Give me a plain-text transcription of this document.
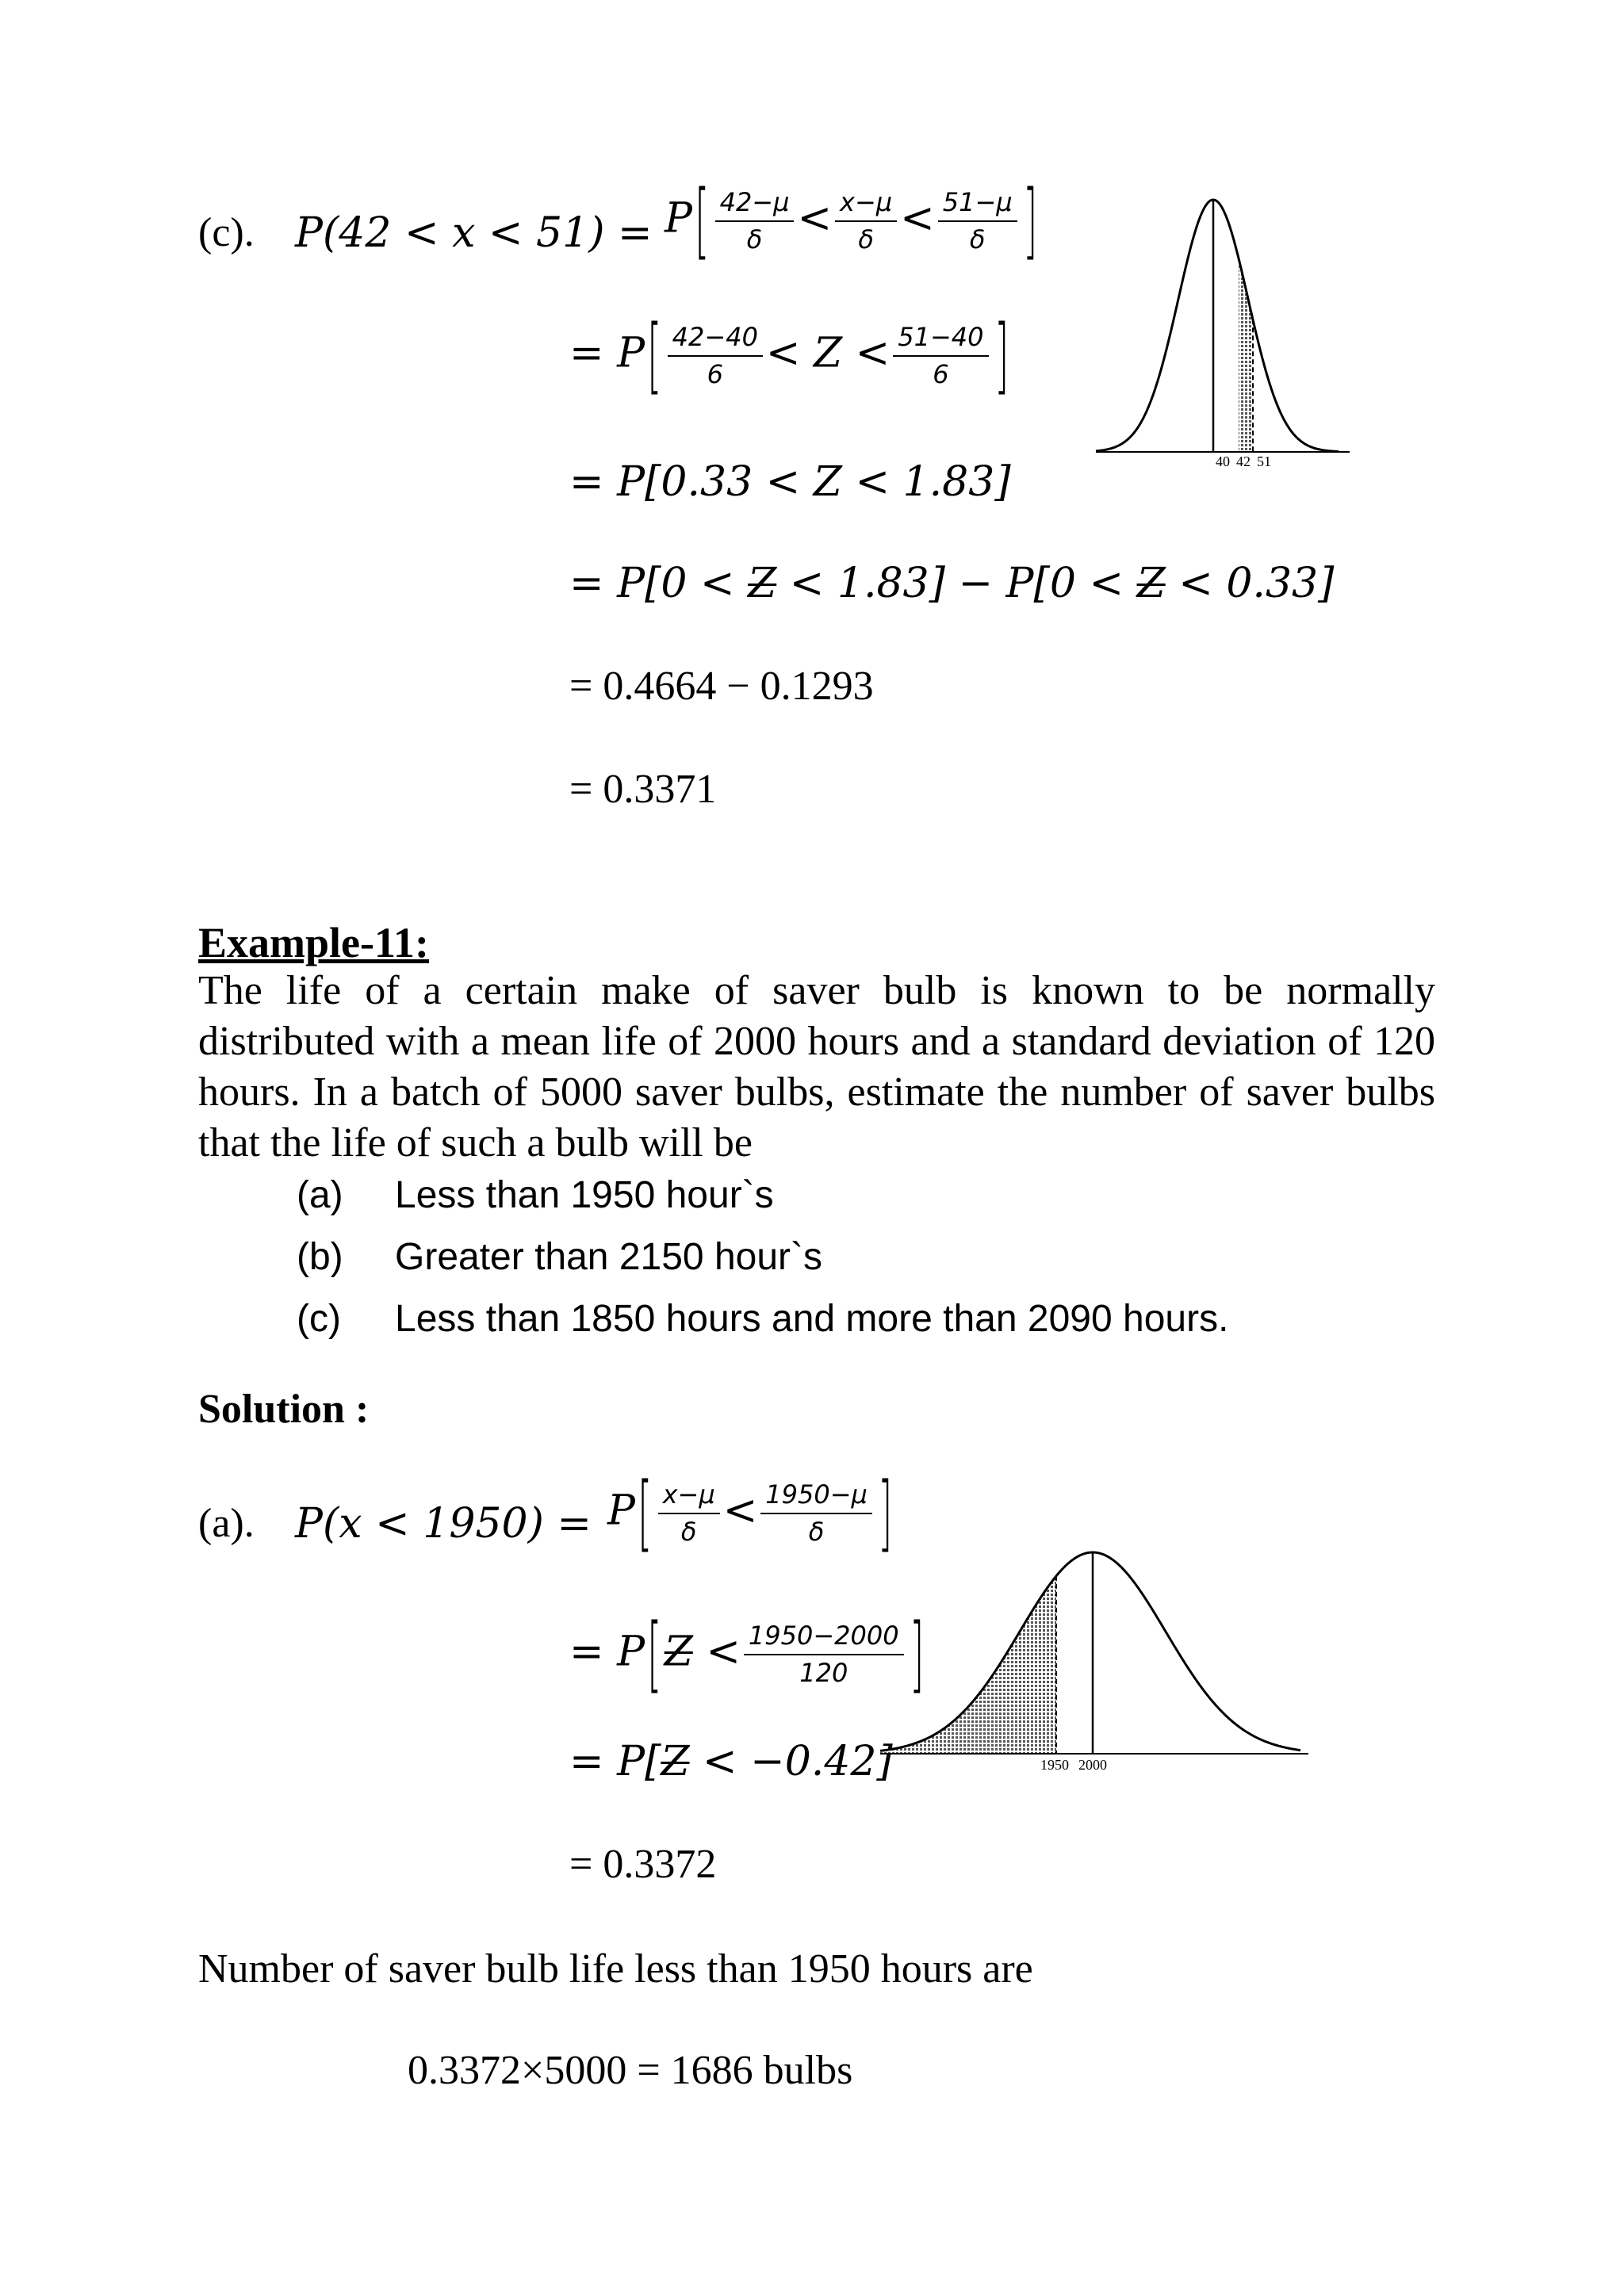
(c). $P(42 < x < 51) = P[ \frac{42-\mu}{\delta} < \frac{x-\mu}{\delta} < \frac{51-\mu}{\delta}$ ]
= $P[ \frac{42-40}{6} < Z < \frac{51-40}{6}$ ]
= P[0.33 < Z < 1.83]
= P[0 < Z < 1.83] − P[0 < Z < 0.33]
= 0.4664 − 0.1293
= 0.3371
40 42 51
Example-11:
The life of a certain make of saver bulb is known to be normally distributed with a mean life of 2000 hours and a standard deviation of 120 hours. In a batch of 5000 saver bulbs, estimate the number of saver bulbs that the life of such a bulb will be
(a) Less than 1950 hour`s
(b) Greater than 2150 hour`s
(c) Less than 1850 hours and more than 2090 hours.
Solution :
(a). $P(x < 1950) = P[ \frac{x-\mu}{\delta} < \frac{1950-\mu}{\delta}$ ]
= $P[Z < \frac{1950-2000}{120}$ ]
= P[Z < −0.42]
= 0.3372
1950 2000
Number of saver bulb life less than 1950 hours are
0.3372×5000 = 1686 bulbs
